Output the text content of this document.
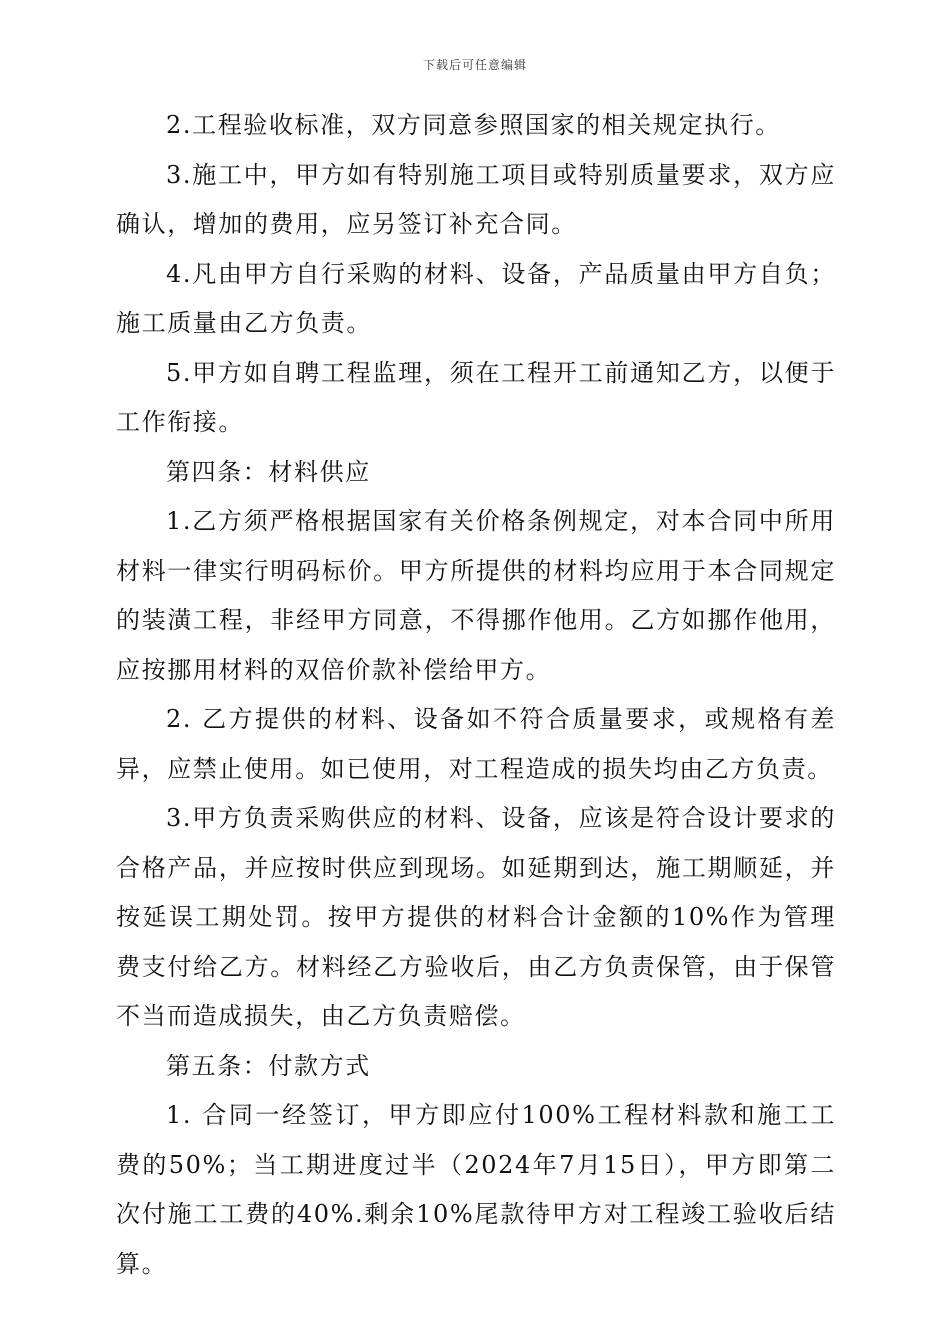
下载后可任意编辑

2.工程验收标准，双方同意参照国家的相关规定执行。

3.施工中，甲方如有特别施工项目或特别质量要求，双方应确认，增加的费用，应另签订补充合同。

4.凡由甲方自行采购的材料、设备，产品质量由甲方自负；施工质量由乙方负责。

5.甲方如自聘工程监理，须在工程开工前通知乙方，以便于工作衔接。

第四条：材料供应

1.乙方须严格根据国家有关价格条例规定，对本合同中所用材料一律实行明码标价。甲方所提供的材料均应用于本合同规定的装潢工程，非经甲方同意，不得挪作他用。乙方如挪作他用，应按挪用材料的双倍价款补偿给甲方。

2. 乙方提供的材料、设备如不符合质量要求，或规格有差异，应禁止使用。如已使用，对工程造成的损失均由乙方负责。

3.甲方负责采购供应的材料、设备，应该是符合设计要求的合格产品，并应按时供应到现场。如延期到达，施工期顺延，并按延误工期处罚。按甲方提供的材料合计金额的10%作为管理费支付给乙方。材料经乙方验收后，由乙方负责保管，由于保管不当而造成损失，由乙方负责赔偿。

第五条：付款方式

1. 合同一经签订，甲方即应付100%工程材料款和施工工费的50%；当工期进度过半（2024年7月15日），甲方即第二次付施工工费的40%.剩余10%尾款待甲方对工程竣工验收后结算。
